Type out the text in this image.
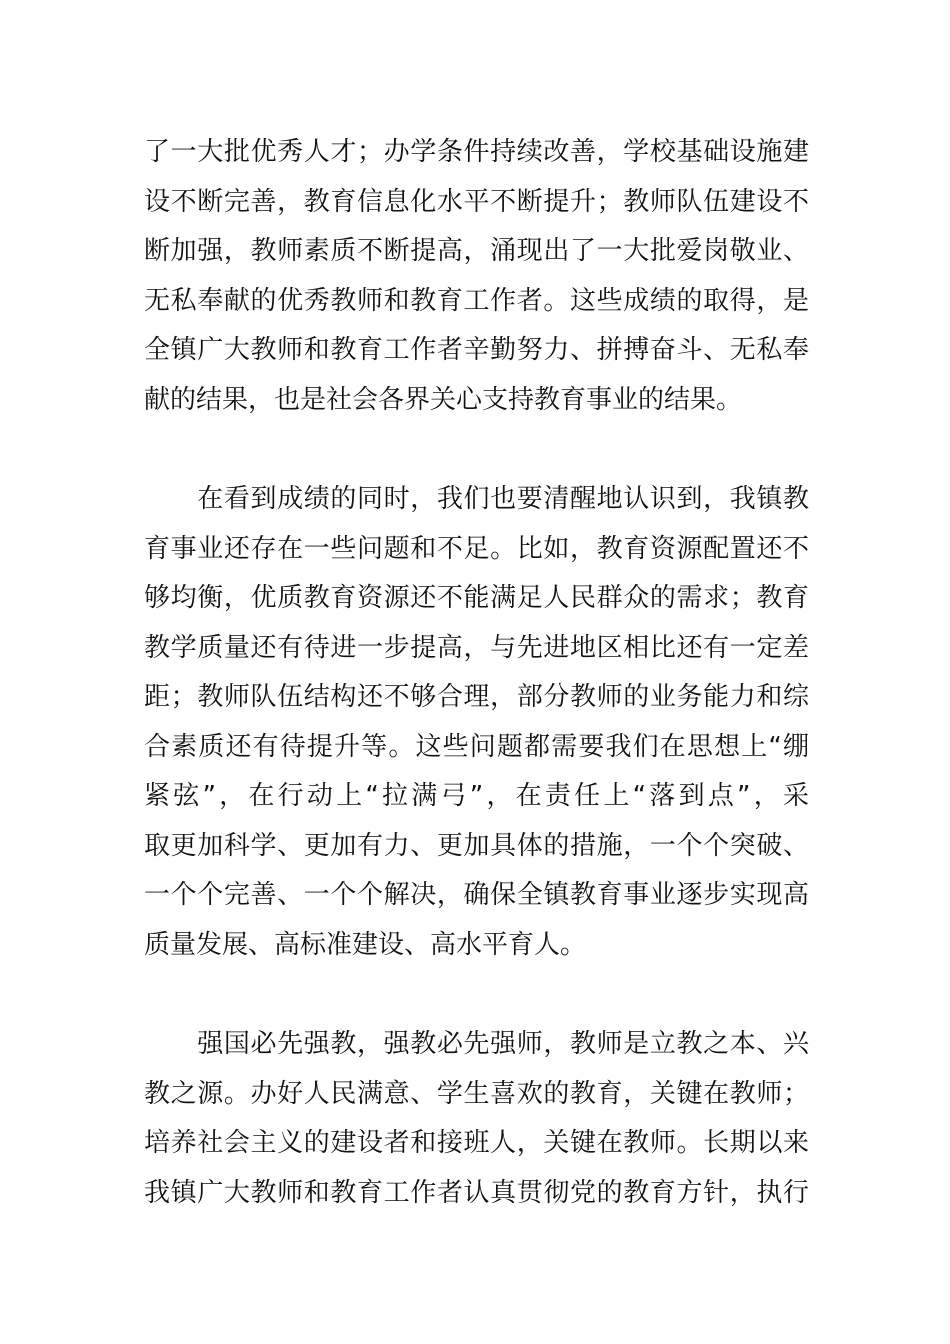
了一大批优秀人才；办学条件持续改善，学校基础设施建
设不断完善，教育信息化水平不断提升；教师队伍建设不
断加强，教师素质不断提高，涌现出了一大批爱岗敬业、
无私奉献的优秀教师和教育工作者。这些成绩的取得，是
全镇广大教师和教育工作者辛勤努力、拼搏奋斗、无私奉
献的结果，也是社会各界关心支持教育事业的结果。

　　在看到成绩的同时，我们也要清醒地认识到，我镇教
育事业还存在一些问题和不足。比如，教育资源配置还不
够均衡，优质教育资源还不能满足人民群众的需求；教育
教学质量还有待进一步提高，与先进地区相比还有一定差
距；教师队伍结构还不够合理，部分教师的业务能力和综
合素质还有待提升等。这些问题都需要我们在思想上“绷
紧弦”，在行动上“拉满弓”，在责任上“落到点”，采
取更加科学、更加有力、更加具体的措施，一个个突破、
一个个完善、一个个解决，确保全镇教育事业逐步实现高
质量发展、高标准建设、高水平育人。

　　强国必先强教，强教必先强师，教师是立教之本、兴
教之源。办好人民满意、学生喜欢的教育，关键在教师；
培养社会主义的建设者和接班人，关键在教师。长期以来
我镇广大教师和教育工作者认真贯彻党的教育方针，执行
